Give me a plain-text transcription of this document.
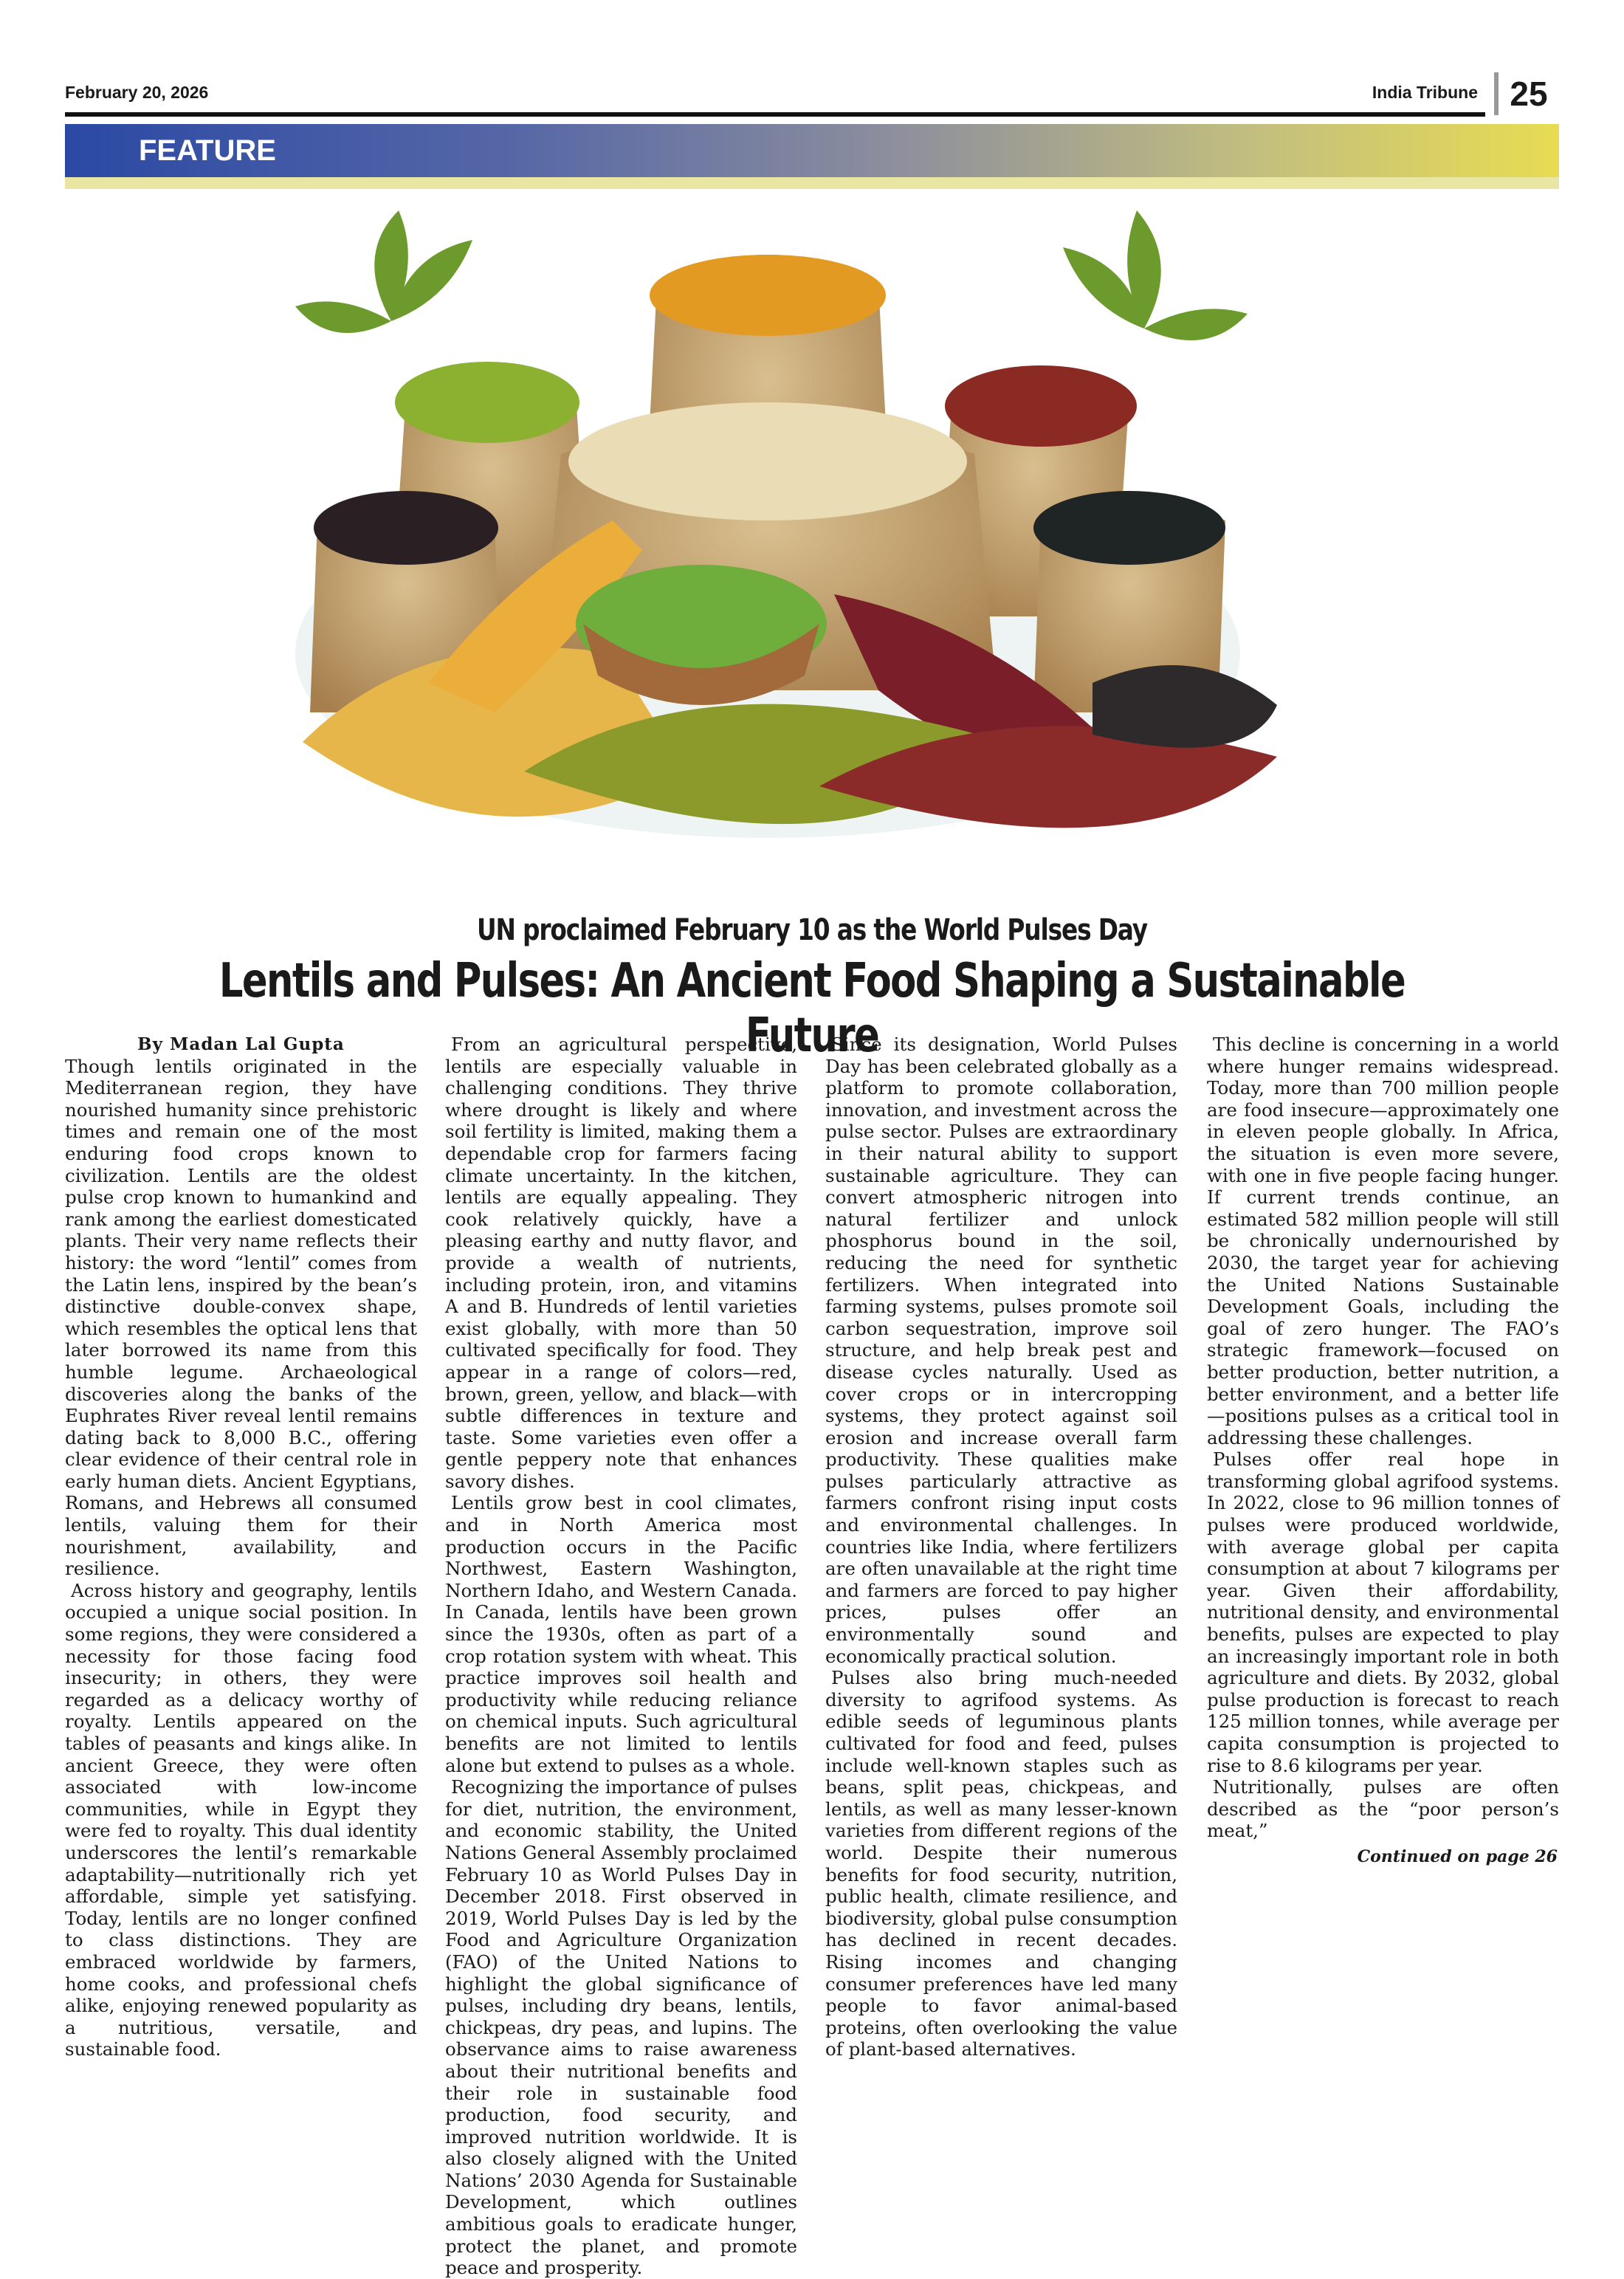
February 20, 2026	India Tribune 25
FEATURE
UN proclaimed February 10 as the World Pulses Day
Lentils and Pulses: An Ancient Food Shaping a Sustainable Future
By Madan Lal Gupta

Though lentils originated in the Mediterranean region, they have nourished humanity since prehistoric times and remain one of the most enduring food crops known to civilization. Lentils are the oldest pulse crop known to humankind and rank among the earliest domesticated plants. Their very name reflects their history: the word “lentil” comes from the Latin lens, inspired by the bean’s distinctive double-convex shape, which resembles the optical lens that later borrowed its name from this humble legume. Archaeological discoveries along the banks of the Euphrates River reveal lentil remains dating back to 8,000 B.C., offering clear evidence of their central role in early human diets. Ancient Egyptians, Romans, and Hebrews all consumed lentils, valuing them for their nourishment, availability, and resilience.

Across history and geography, lentils occupied a unique social position. In some regions, they were considered a necessity for those facing food insecurity; in others, they were regarded as a delicacy worthy of royalty. Lentils appeared on the tables of peasants and kings alike. In ancient Greece, they were often associated with low-income communities, while in Egypt they were fed to royalty. This dual identity underscores the lentil’s remarkable adaptability—nutritionally rich yet affordable, simple yet satisfying. Today, lentils are no longer confined to class distinctions. They are embraced worldwide by farmers, home cooks, and professional chefs alike, enjoying renewed popularity as a nutritious, versatile, and sustainable food.

From an agricultural perspective, lentils are especially valuable in challenging conditions. They thrive where drought is likely and where soil fertility is limited, making them a dependable crop for farmers facing climate uncertainty. In the kitchen, lentils are equally appealing. They cook relatively quickly, have a pleasing earthy and nutty flavor, and provide a wealth of nutrients, including protein, iron, and vitamins A and B. Hundreds of lentil varieties exist globally, with more than 50 cultivated specifically for food. They appear in a range of colors—red, brown, green, yellow, and black—with subtle differences in texture and taste. Some varieties even offer a gentle peppery note that enhances savory dishes.

Lentils grow best in cool climates, and in North America most production occurs in the Pacific Northwest, Eastern Washington, Northern Idaho, and Western Canada. In Canada, lentils have been grown since the 1930s, often as part of a crop rotation system with wheat. This practice improves soil health and productivity while reducing reliance on chemical inputs. Such agricultural benefits are not limited to lentils alone but extend to pulses as a whole.

Recognizing the importance of pulses for diet, nutrition, the environment, and economic stability, the United Nations General Assembly proclaimed February 10 as World Pulses Day in December 2018. First observed in 2019, World Pulses Day is led by the Food and Agriculture Organization (FAO) of the United Nations to highlight the global significance of pulses, including dry beans, lentils, chickpeas, dry peas, and lupins. The observance aims to raise awareness about their nutritional benefits and their role in sustainable food production, food security, and improved nutrition worldwide. It is also closely aligned with the United Nations’ 2030 Agenda for Sustainable Development, which outlines ambitious goals to eradicate hunger, protect the planet, and promote peace and prosperity.

Since its designation, World Pulses Day has been celebrated globally as a platform to promote collaboration, innovation, and investment across the pulse sector. Pulses are extraordinary in their natural ability to support sustainable agriculture. They can convert atmospheric nitrogen into natural fertilizer and unlock phosphorus bound in the soil, reducing the need for synthetic fertilizers. When integrated into farming systems, pulses promote soil carbon sequestration, improve soil structure, and help break pest and disease cycles naturally. Used as cover crops or in intercropping systems, they protect against soil erosion and increase overall farm productivity. These qualities make pulses particularly attractive as farmers confront rising input costs and environmental challenges. In countries like India, where fertilizers are often unavailable at the right time and farmers are forced to pay higher prices, pulses offer an environmentally sound and economically practical solution.

Pulses also bring much-needed diversity to agrifood systems. As edible seeds of leguminous plants cultivated for food and feed, pulses include well-known staples such as beans, split peas, chickpeas, and lentils, as well as many lesser-known varieties from different regions of the world. Despite their numerous benefits for food security, nutrition, public health, climate resilience, and biodiversity, global pulse consumption has declined in recent decades. Rising incomes and changing consumer preferences have led many people to favor animal-based proteins, often overlooking the value of plant-based alternatives.

This decline is concerning in a world where hunger remains widespread. Today, more than 700 million people are food insecure—approximately one in eleven people globally. In Africa, the situation is even more severe, with one in five people facing hunger. If current trends continue, an estimated 582 million people will still be chronically undernourished by 2030, the target year for achieving the United Nations Sustainable Development Goals, including the goal of zero hunger. The FAO’s strategic framework—focused on better production, better nutrition, a better environment, and a better life—positions pulses as a critical tool in addressing these challenges.

Pulses offer real hope in transforming global agrifood systems. In 2022, close to 96 million tonnes of pulses were produced worldwide, with average global per capita consumption at about 7 kilograms per year. Given their affordability, nutritional density, and environmental benefits, pulses are expected to play an increasingly important role in both agriculture and diets. By 2032, global pulse production is forecast to reach 125 million tonnes, while average per capita consumption is projected to rise to 8.6 kilograms per year.

Nutritionally, pulses are often described as the “poor person’s meat,”

Continued on page 26
